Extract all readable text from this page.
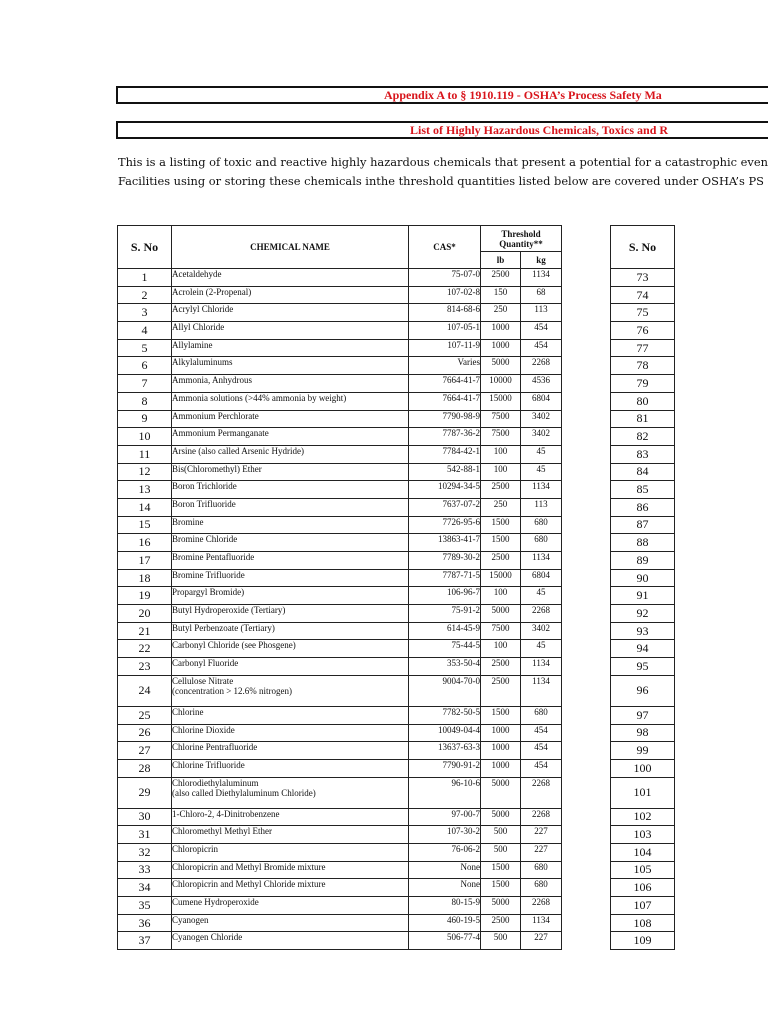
Appendix A to § 1910.119 - OSHA’s Process Safety Ma
List of Highly Hazardous Chemicals, Toxics and R
This is a listing of toxic and reactive highly hazardous chemicals that present a potential for a catastrophic even
Facilities using or storing these chemicals inthe threshold quantities listed below are covered under OSHA’s PS
S. No	CHEMICAL NAME	CAS*	Threshold Quantity**	
			lb	kg
1	Acetaldehyde	75-07-0	2500	1134
2	Acrolein (2-Propenal)	107-02-8	150	68
3	Acrylyl Chloride	814-68-6	250	113
4	Allyl Chloride	107-05-1	1000	454
5	Allylamine	107-11-9	1000	454
6	Alkylaluminums	Varies	5000	2268
7	Ammonia, Anhydrous	7664-41-7	10000	4536
8	Ammonia solutions (>44% ammonia by weight)	7664-41-7	15000	6804
9	Ammonium Perchlorate	7790-98-9	7500	3402
10	Ammonium Permanganate	7787-36-2	7500	3402
11	Arsine (also called Arsenic Hydride)	7784-42-1	100	45
12	Bis(Chloromethyl) Ether	542-88-1	100	45
13	Boron Trichloride	10294-34-5	2500	1134
14	Boron Trifluoride	7637-07-2	250	113
15	Bromine	7726-95-6	1500	680
16	Bromine Chloride	13863-41-7	1500	680
17	Bromine Pentafluoride	7789-30-2	2500	1134
18	Bromine Trifluoride	7787-71-5	15000	6804
19	Propargyl Bromide)	106-96-7	100	45
20	Butyl Hydroperoxide (Tertiary)	75-91-2	5000	2268
21	Butyl Perbenzoate (Tertiary)	614-45-9	7500	3402
22	Carbonyl Chloride (see Phosgene)	75-44-5	100	45
23	Carbonyl Fluoride	353-50-4	2500	1134
24	Cellulose Nitrate
(concentration > 12.6% nitrogen)	9004-70-0	2500	1134
25	Chlorine	7782-50-5	1500	680
26	Chlorine Dioxide	10049-04-4	1000	454
27	Chlorine Pentrafluoride	13637-63-3	1000	454
28	Chlorine Trifluoride	7790-91-2	1000	454
29	Chlorodiethylaluminum
(also called Diethylaluminum Chloride)	96-10-6	5000	2268
30	1-Chloro-2, 4-Dinitrobenzene	97-00-7	5000	2268
31	Chloromethyl Methyl Ether	107-30-2	500	227
32	Chloropicrin	76-06-2	500	227
33	Chloropicrin and Methyl Bromide mixture	None	1500	680
34	Chloropicrin and Methyl Chloride mixture	None	1500	680
35	Cumene Hydroperoxide	80-15-9	5000	2268
36	Cyanogen	460-19-5	2500	1134
37	Cyanogen Chloride	506-77-4	500	227
S. No
73
74
75
76
77
78
79
80
81
82
83
84
85
86
87
88
89
90
91
92
93
94
95
96
97
98
99
100
101
102
103
104
105
106
107
108
109
